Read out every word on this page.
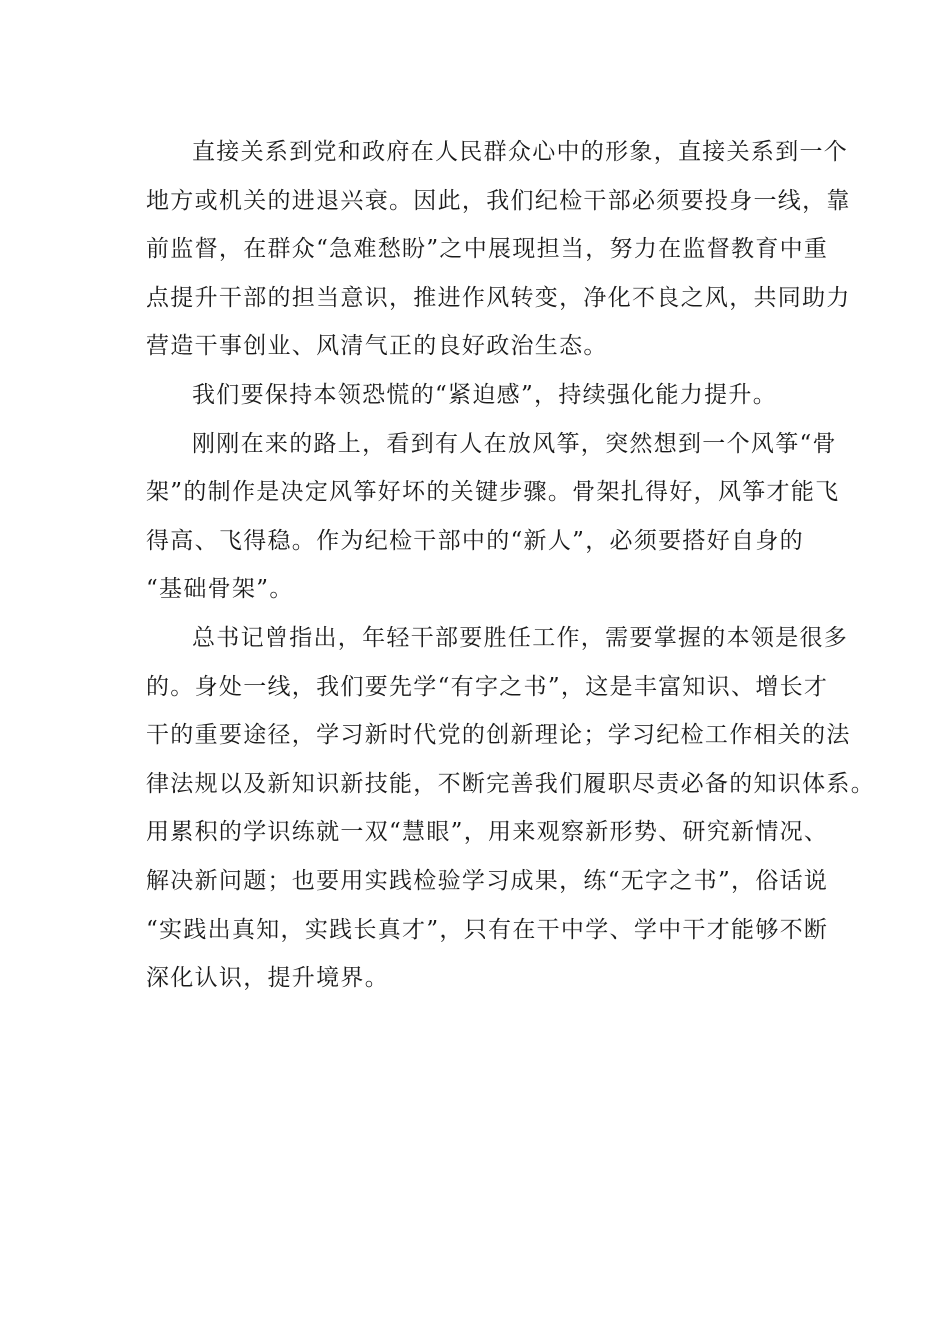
直接关系到党和政府在人民群众心中的形象，直接关系到一个
地方或机关的进退兴衰。因此，我们纪检干部必须要投身一线，靠
前监督，在群众“急难愁盼”之中展现担当，努力在监督教育中重
点提升干部的担当意识，推进作风转变，净化不良之风，共同助力
营造干事创业、风清气正的良好政治生态。
我们要保持本领恐慌的“紧迫感”，持续强化能力提升。
刚刚在来的路上，看到有人在放风筝，突然想到一个风筝“骨
架”的制作是决定风筝好坏的关键步骤。骨架扎得好，风筝才能飞
得高、飞得稳。作为纪检干部中的“新人”，必须要搭好自身的
“基础骨架”。
总书记曾指出，年轻干部要胜任工作，需要掌握的本领是很多
的。身处一线，我们要先学“有字之书”，这是丰富知识、增长才
干的重要途径，学习新时代党的创新理论；学习纪检工作相关的法
律法规以及新知识新技能，不断完善我们履职尽责必备的知识体系。
用累积的学识练就一双“慧眼”，用来观察新形势、研究新情况、
解决新问题；也要用实践检验学习成果，练“无字之书”，俗话说
“实践出真知，实践长真才”，只有在干中学、学中干才能够不断
深化认识，提升境界。
